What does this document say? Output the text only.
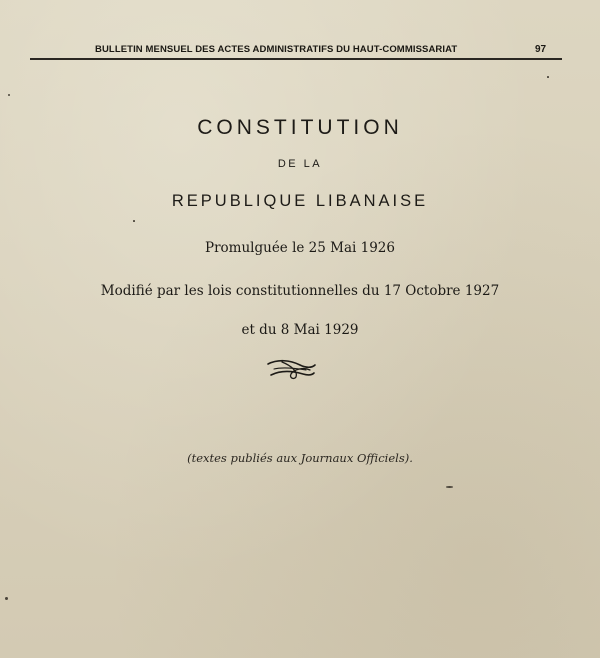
BULLETIN MENSUEL DES ACTES ADMINISTRATIFS DU HAUT-COMMISSARIAT	97
CONSTITUTION
DE LA
REPUBLIQUE LIBANAISE
Promulguée le 25 Mai 1926
Modifié par les lois constitutionnelles du 17 Octobre 1927
et du 8 Mai 1929
(textes publiés aux Journaux Officiels).
